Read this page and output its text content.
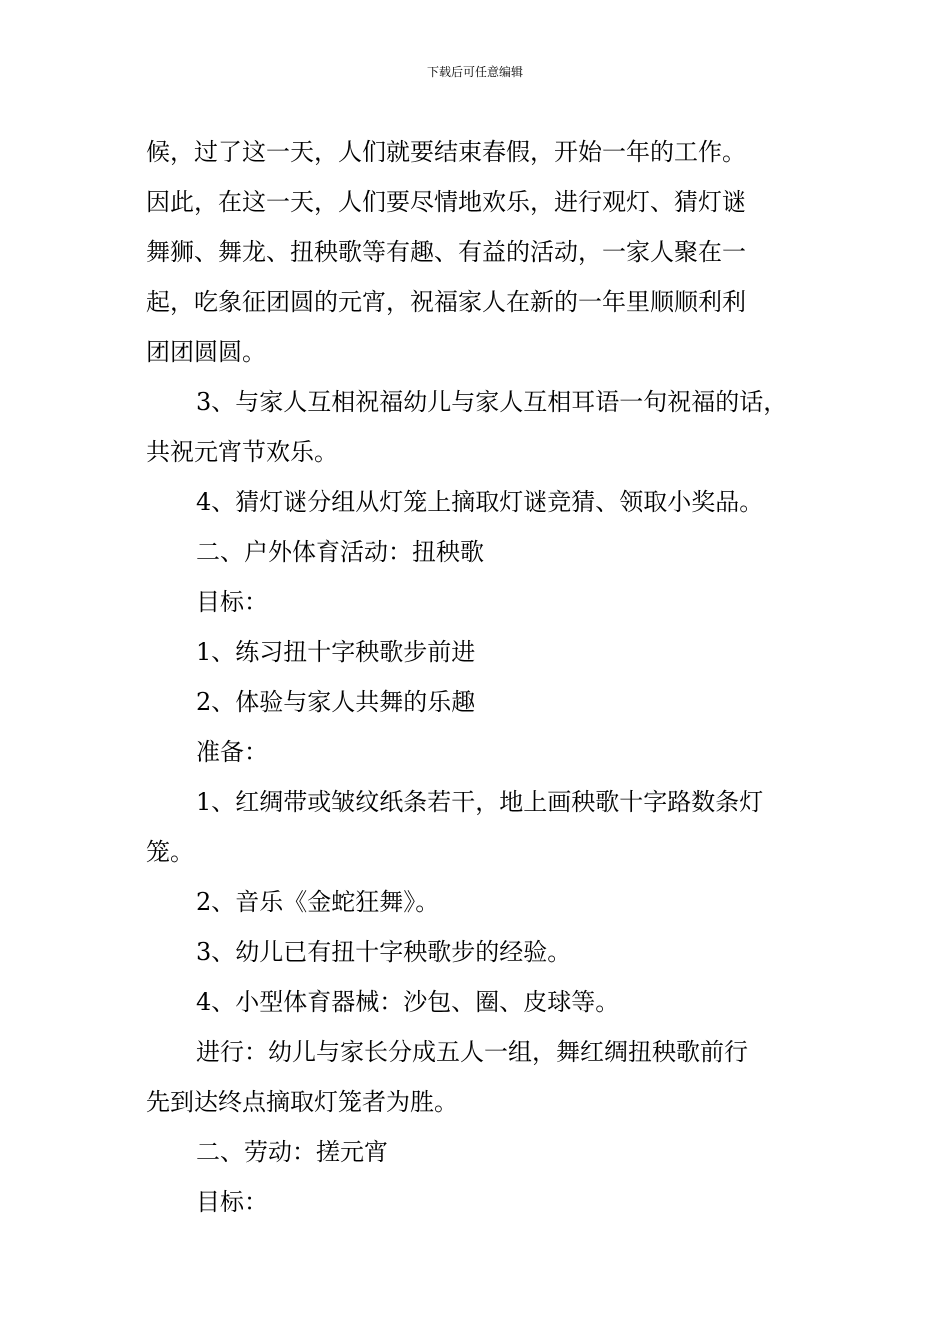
下载后可任意编辑
候，过了这一天，人们就要结束春假，开始一年的工作。
因此，在这一天，人们要尽情地欢乐，进行观灯、猜灯谜
舞狮、舞龙、扭秧歌等有趣、有益的活动，一家人聚在一
起，吃象征团圆的元宵，祝福家人在新的一年里顺顺利利
团团圆圆。
3、与家人互相祝福幼儿与家人互相耳语一句祝福的话，
共祝元宵节欢乐。
4、猜灯谜分组从灯笼上摘取灯谜竞猜、领取小奖品。
二、户外体育活动：扭秧歌
目标：
1、练习扭十字秧歌步前进
2、体验与家人共舞的乐趣
准备：
1、红绸带或皱纹纸条若干，地上画秧歌十字路数条灯
笼。
2、音乐《金蛇狂舞》。
3、幼儿已有扭十字秧歌步的经验。
4、小型体育器械：沙包、圈、皮球等。
进行：幼儿与家长分成五人一组，舞红绸扭秧歌前行
先到达终点摘取灯笼者为胜。
二、劳动：搓元宵
目标：
